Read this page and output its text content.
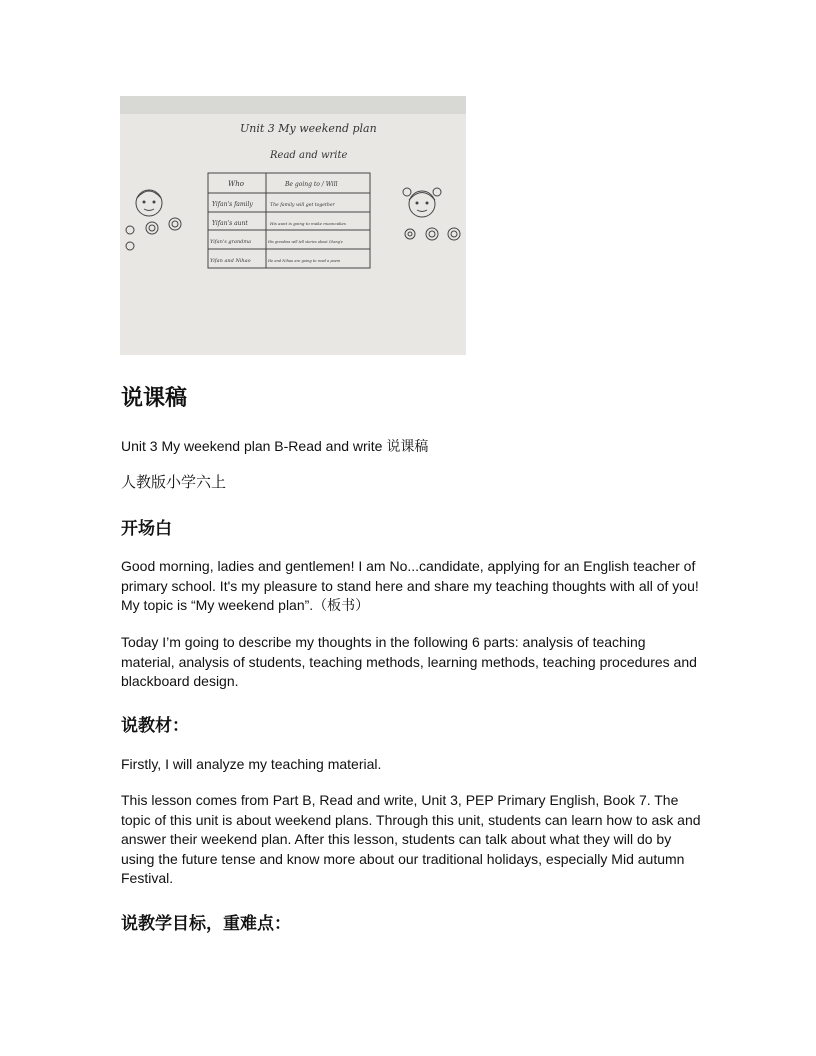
Unit 3 My weekend plan
Read and write
Who	Be going to / Will
Yifan's family	The family will get together
Yifan's aunt	His aunt is going to make mooncakes
Yifan's grandma	His grandma will tell stories about Chang'e
Yifan and Nihao	He and Nihao are going to read a poem
说课稿

Unit 3 My weekend plan B-Read and write 说课稿

人教版小学六上

开场白

Good morning, ladies and gentlemen! I am No...candidate, applying for an English teacher of primary school. It's my pleasure to stand here and share my teaching thoughts with all of you! My topic is “My weekend plan”.（板书）

Today I’m going to describe my thoughts in the following 6 parts: analysis of teaching material, analysis of students, teaching methods, learning methods, teaching procedures and blackboard design.

说教材：

Firstly, I will analyze my teaching material.

This lesson comes from Part B, Read and write, Unit 3, PEP Primary English, Book 7. The topic of this unit is about weekend plans. Through this unit, students can learn how to ask and answer their weekend plan. After this lesson, students can talk about what they will do by using the future tense and know more about our traditional holidays, especially Mid autumn Festival.

说教学目标，重难点：
